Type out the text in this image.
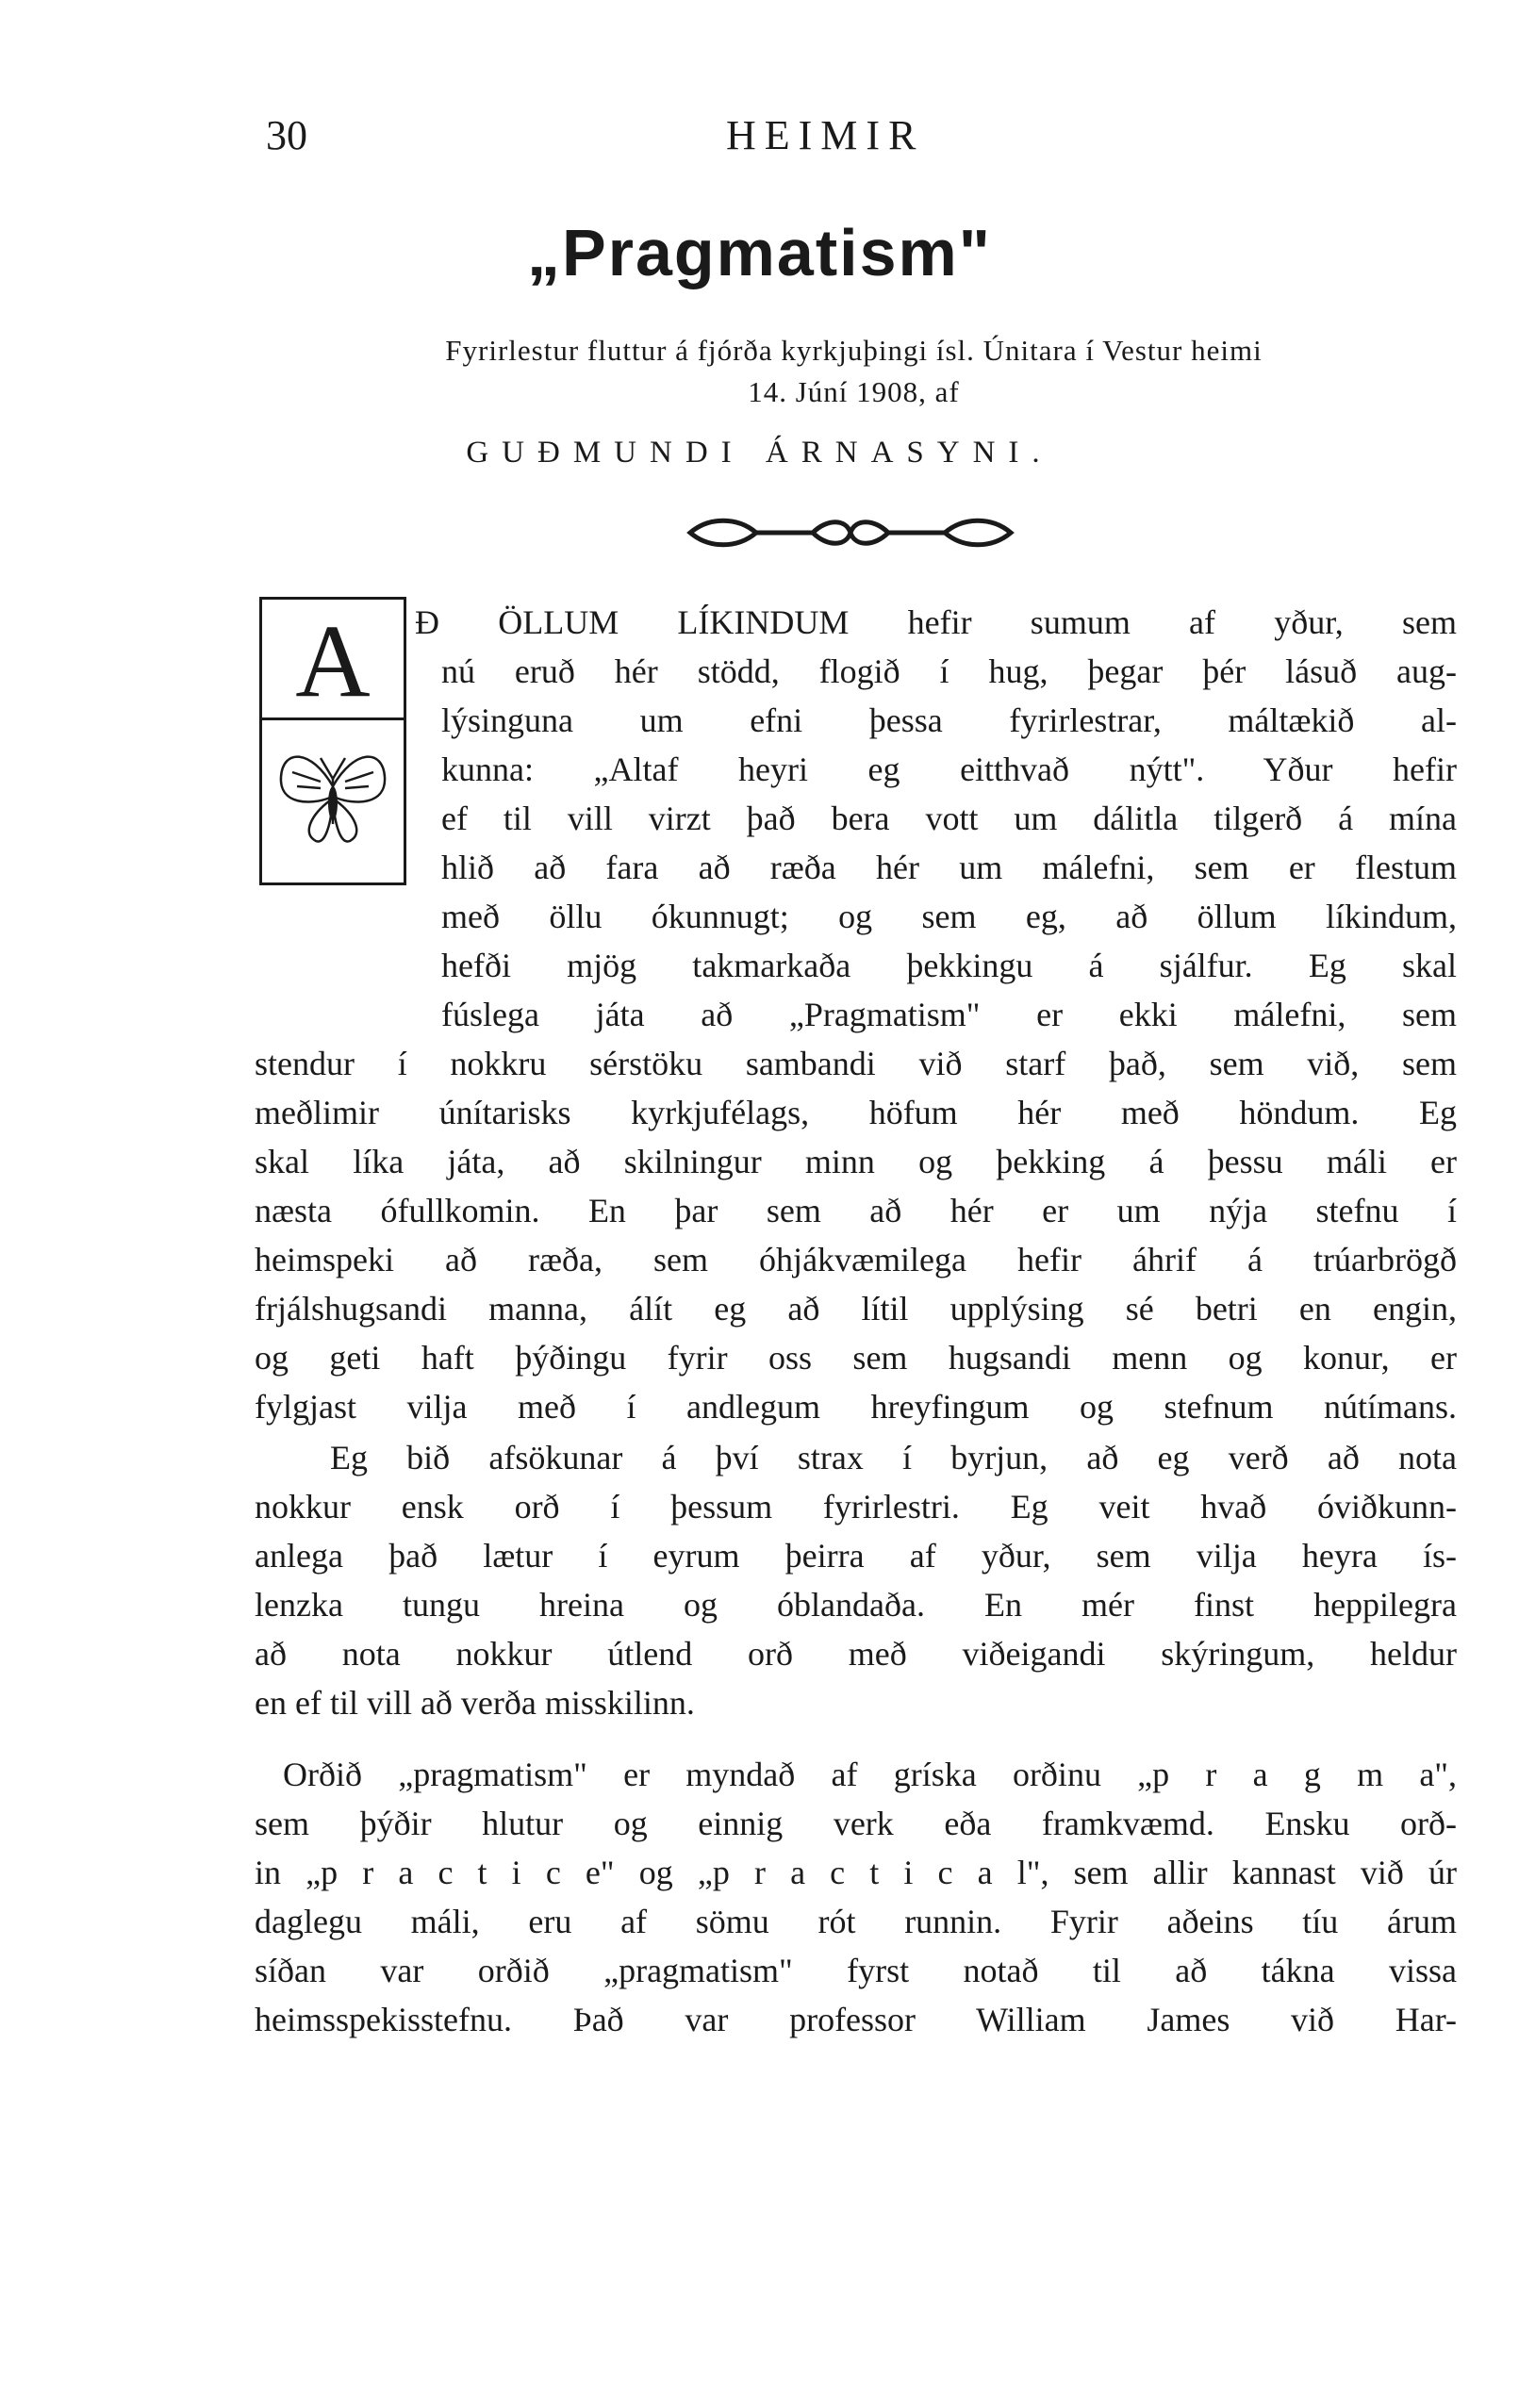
30	HEIMIR
„Pragmatism"
Fyrirlestur fluttur á fjórða kyrkjuþingi ísl. Únitara í Vestur heimi
14. Júní 1908, af
GUÐMUNDI ÁRNASYNI.
A	Ð ÖLLUM LÍKINDUM hefir sumum af yður, sem
nú eruð hér stödd, flogið í hug, þegar þér lásuð aug-
lýsinguna um efni þessa fyrirlestrar, máltækið al-
kunna: „Altaf heyri eg eitthvað nýtt". Yður hefir
ef til vill virzt það bera vott um dálitla tilgerð á mína
hlið að fara að ræða hér um málefni, sem er flestum
með öllu ókunnugt; og sem eg, að öllum líkindum,
hefði mjög takmarkaða þekkingu á sjálfur. Eg skal
fúslega játa að „Pragmatism" er ekki málefni, sem
stendur í nokkru sérstöku sambandi við starf það, sem við, sem
meðlimir únítarisks kyrkjufélags, höfum hér með höndum. Eg
skal líka játa, að skilningur minn og þekking á þessu máli er
næsta ófullkomin. En þar sem að hér er um nýja stefnu í
heimspeki að ræða, sem óhjákvæmilega hefir áhrif á trúarbrögð
frjálshugsandi manna, álít eg að lítil upplýsing sé betri en engin,
og geti haft þýðingu fyrir oss sem hugsandi menn og konur, er
fylgjast vilja með í andlegum hreyfingum og stefnum nútímans.
Eg bið afsökunar á því strax í byrjun, að eg verð að nota
nokkur ensk orð í þessum fyrirlestri. Eg veit hvað óviðkunn-
anlega það lætur í eyrum þeirra af yður, sem vilja heyra ís-
lenzka tungu hreina og óblandaða. En mér finst heppilegra
að nota nokkur útlend orð með viðeigandi skýringum, heldur
en ef til vill að verða misskilinn.
Orðið „pragmatism" er myndað af gríska orðinu „p r a g m a",
sem þýðir hlutur og einnig verk eða framkvæmd. Ensku orð-
in „p r a c t i c e" og „p r a c t i c a l", sem allir kannast við úr
daglegu máli, eru af sömu rót runnin. Fyrir aðeins tíu árum
síðan var orðið „pragmatism" fyrst notað til að tákna vissa
heimsspekisstefnu. Það var professor William James við Har-
